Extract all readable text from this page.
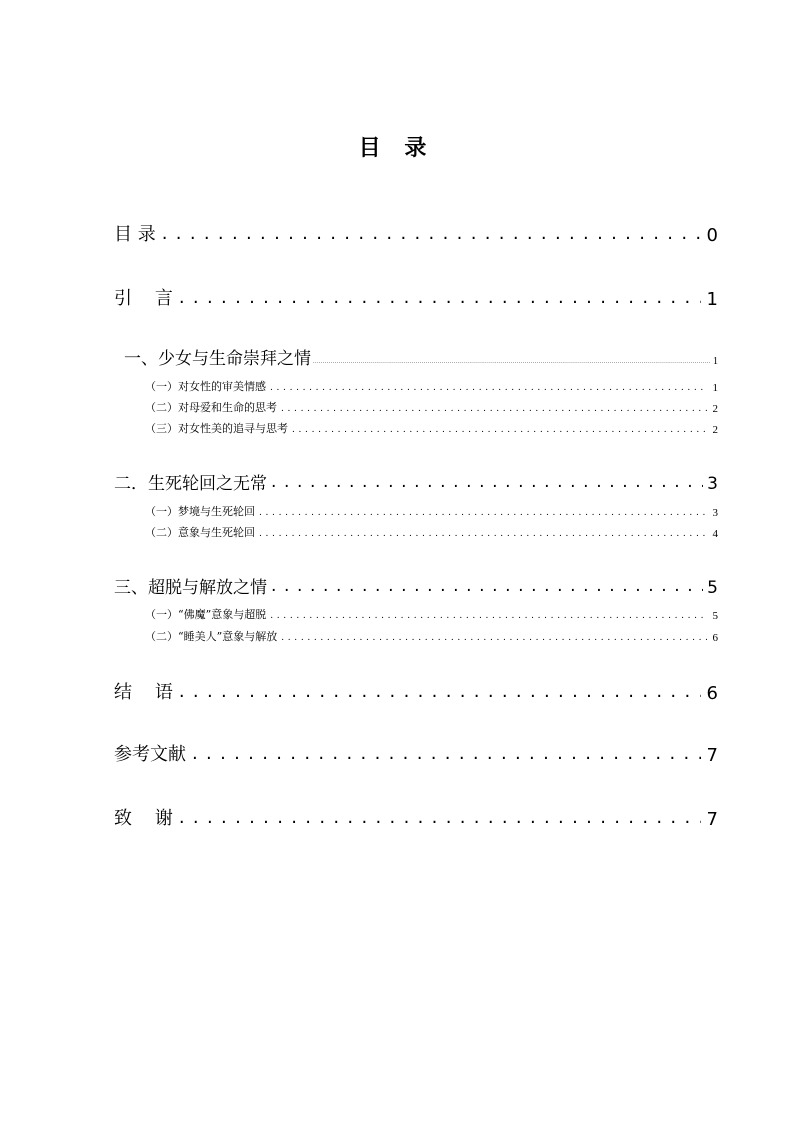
目 录
目 录 . . .	0
引    言 . . .	1
一、少女与生命崇拜之情 . . .	1
（一）对女性的审美情感 . . .	1
（二）对母爱和生命的思考 . . .	2
（三）对女性美的追寻与思考 . . .	2
二．生死轮回之无常 . . .	3
（一）梦境与生死轮回 . . .	3
（二）意象与生死轮回 . . .	4
三、超脱与解放之情 . . .	5
（一）“佛魔”意象与超脱 . . .	5
（二）“睡美人”意象与解放 . . .	6
结    语 . . .	6
参考文献 . . .	7
致    谢 . . .	7
